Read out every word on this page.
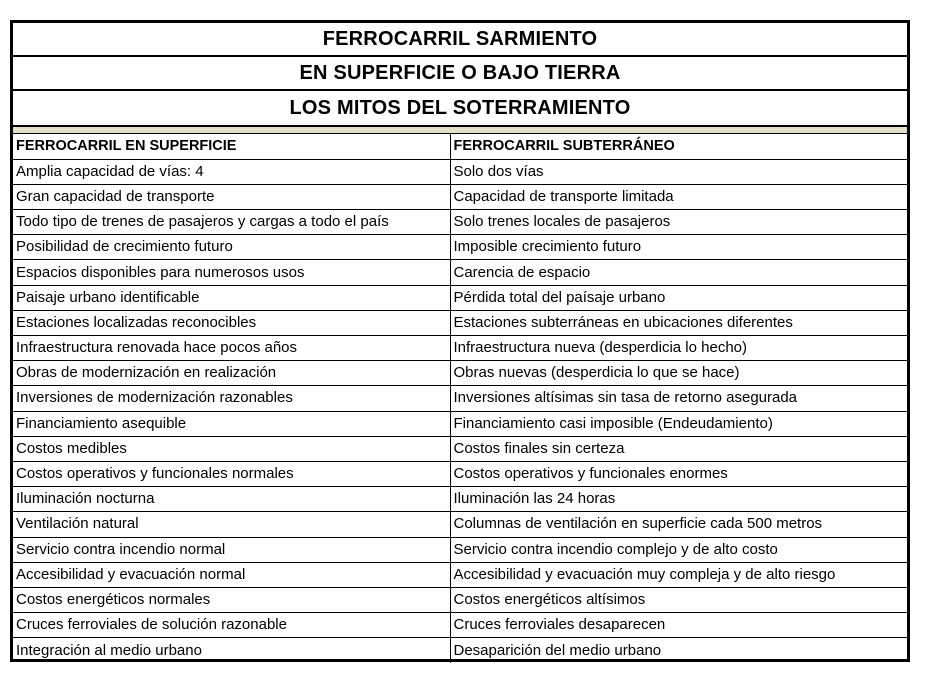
FERROCARRIL SARMIENTO
EN SUPERFICIE O BAJO TIERRA
LOS MITOS DEL SOTERRAMIENTO
FERROCARRIL EN SUPERFICIE	FERROCARRIL SUBTERRÁNEO
Amplia capacidad de vías: 4	Solo dos vías
Gran capacidad de transporte	Capacidad de transporte limitada
Todo tipo de trenes de pasajeros y cargas a todo el país	Solo trenes locales de pasajeros
Posibilidad de crecimiento futuro	Imposible crecimiento futuro
Espacios disponibles para numerosos usos	Carencia de espacio
Paisaje urbano identificable	Pérdida total del paísaje urbano
Estaciones localizadas reconocibles	Estaciones subterráneas en ubicaciones diferentes
Infraestructura renovada hace pocos años	Infraestructura nueva (desperdicia lo hecho)
Obras de modernización en realización	Obras nuevas (desperdicia lo que se hace)
Inversiones de modernización razonables	Inversiones altísimas sin tasa de retorno asegurada
Financiamiento asequible	Financiamiento casi imposible (Endeudamiento)
Costos medibles	Costos finales sin certeza
Costos operativos y funcionales normales	Costos operativos y funcionales enormes
Iluminación nocturna	Iluminación las 24 horas
Ventilación natural	Columnas de ventilación en superficie cada 500 metros
Servicio contra incendio normal	Servicio contra incendio complejo y de alto costo
Accesibilidad y evacuación normal	Accesibilidad y evacuación muy compleja y de alto riesgo
Costos energéticos normales	Costos energéticos altísimos
Cruces ferroviales de solución razonable	Cruces ferroviales desaparecen
Integración al medio urbano	Desaparición del medio urbano
